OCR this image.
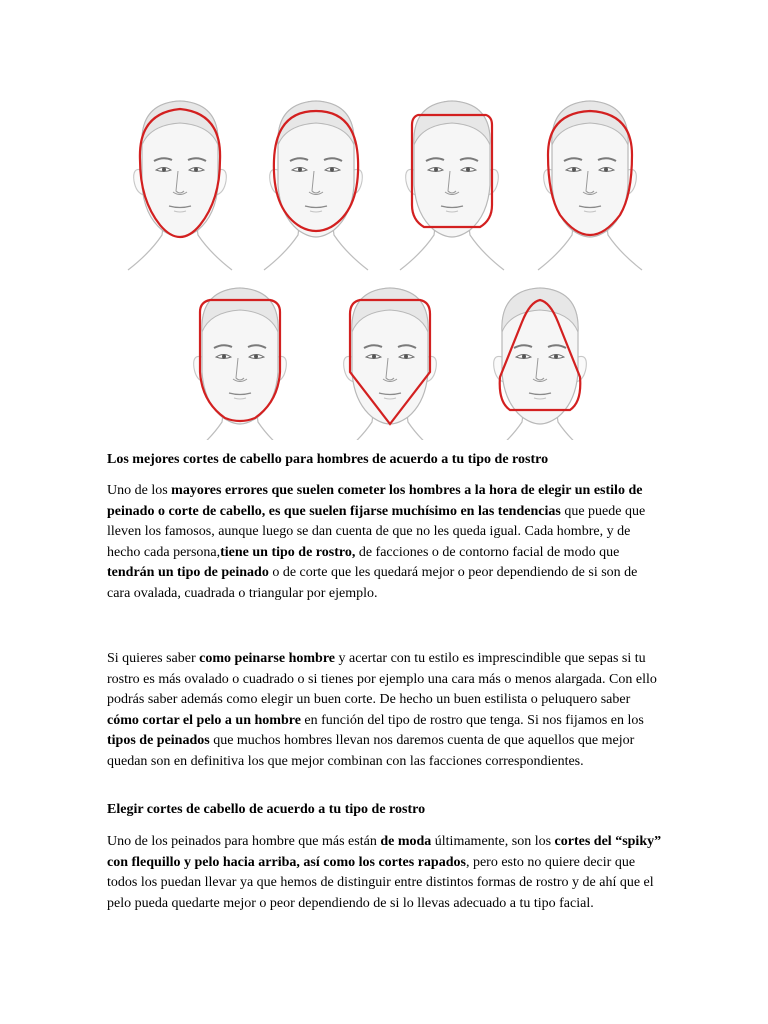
Los mejores cortes de cabello para hombres de acuerdo a tu tipo de rostro

Uno de los mayores errores que suelen cometer los hombres a la hora de elegir un estilo de peinado o corte de cabello, es que suelen fijarse muchísimo en las tendencias que puede que lleven los famosos, aunque luego se dan cuenta de que no les queda igual. Cada hombre, y de hecho cada persona,tiene un tipo de rostro, de facciones o de contorno facial de modo que tendrán un tipo de peinado o de corte que les quedará mejor o peor dependiendo de si son de cara ovalada, cuadrada o triangular por ejemplo.

Si quieres saber como peinarse hombre y acertar con tu estilo es imprescindible que sepas si tu rostro es más ovalado o cuadrado o si tienes por ejemplo una cara más o menos alargada. Con ello podrás saber además como elegir un buen corte. De hecho un buen estilista o peluquero saber cómo cortar el pelo a un hombre en función del tipo de rostro que tenga. Si nos fijamos en los tipos de peinados que muchos hombres llevan nos daremos cuenta de que aquellos que mejor quedan son en definitiva los que mejor combinan con las facciones correspondientes.

Elegir cortes de cabello de acuerdo a tu tipo de rostro

Uno de los peinados para hombre que más están de moda últimamente, son los cortes del “spiky” con flequillo y pelo hacia arriba, así como los cortes rapados, pero esto no quiere decir que todos los puedan llevar ya que hemos de distinguir entre distintos formas de rostro y de ahí que el pelo pueda quedarte mejor o peor dependiendo de si lo llevas adecuado a tu tipo facial.
